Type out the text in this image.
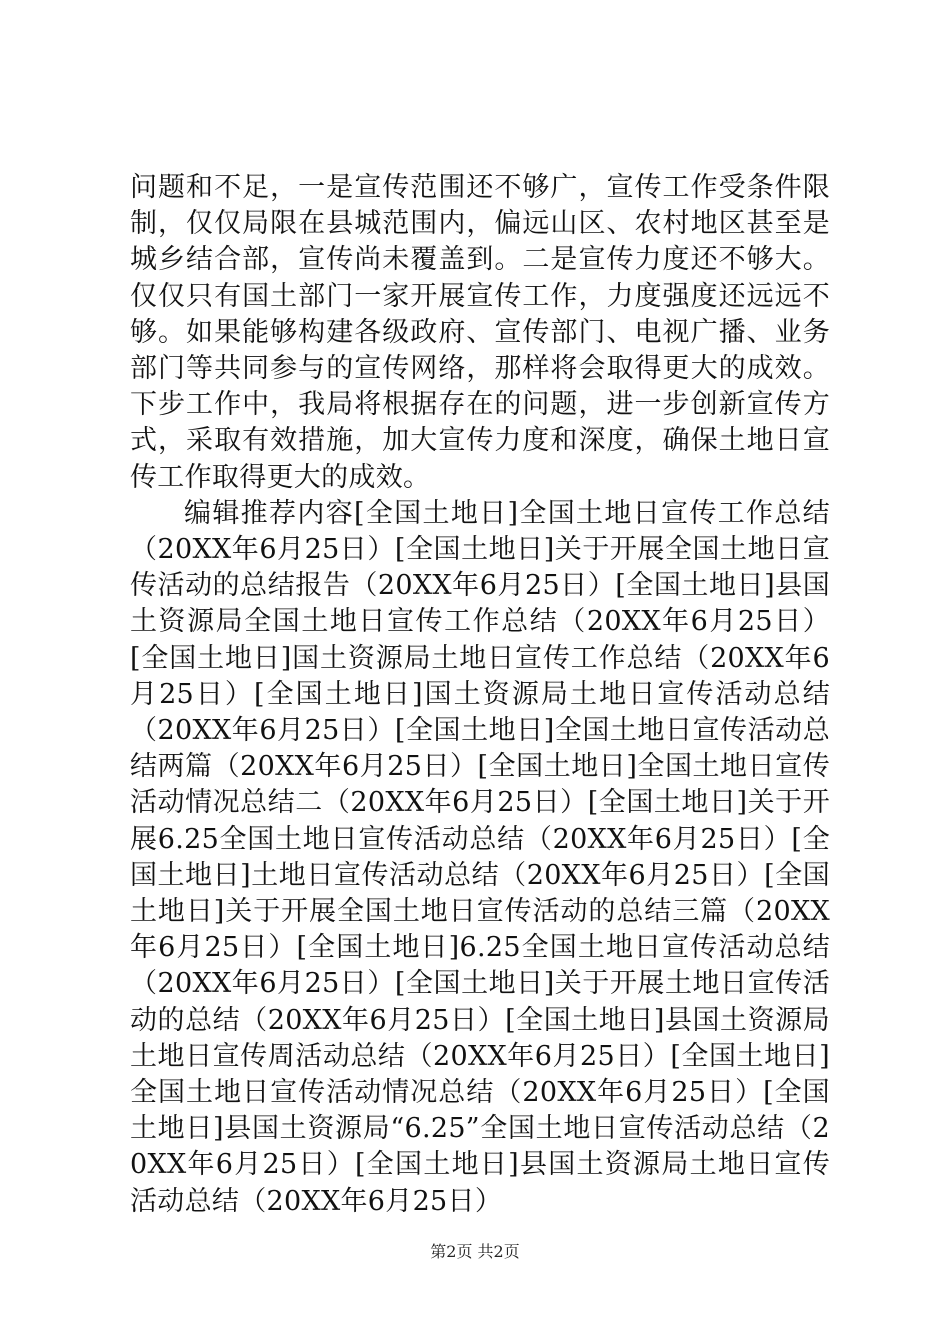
问题和不足，一是宣传范围还不够广，宣传工作受条件限制，仅仅局限在县城范围内，偏远山区、农村地区甚至是城乡结合部，宣传尚未覆盖到。二是宣传力度还不够大。仅仅只有国土部门一家开展宣传工作，力度强度还远远不够。如果能够构建各级政府、宣传部门、电视广播、业务部门等共同参与的宣传网络，那样将会取得更大的成效。下步工作中，我局将根据存在的问题，进一步创新宣传方式，采取有效措施，加大宣传力度和深度，确保土地日宣传工作取得更大的成效。

编辑推荐内容[全国土地日]全国土地日宣传工作总结（20XX年6月25日）[全国土地日]关于开展全国土地日宣传活动的总结报告（20XX年6月25日）[全国土地日]县国土资源局全国土地日宣传工作总结（20XX年6月25日）[全国土地日]国土资源局土地日宣传工作总结（20XX年6月25日）[全国土地日]国土资源局土地日宣传活动总结（20XX年6月25日）[全国土地日]全国土地日宣传活动总结两篇（20XX年6月25日）[全国土地日]全国土地日宣传活动情况总结二（20XX年6月25日）[全国土地日]关于开展6.25全国土地日宣传活动总结（20XX年6月25日）[全国土地日]土地日宣传活动总结（20XX年6月25日）[全国土地日]关于开展全国土地日宣传活动的总结三篇（20XX年6月25日）[全国土地日]6.25全国土地日宣传活动总结（20XX年6月25日）[全国土地日]关于开展土地日宣传活动的总结（20XX年6月25日）[全国土地日]县国土资源局土地日宣传周活动总结（20XX年6月25日）[全国土地日]全国土地日宣传活动情况总结（20XX年6月25日）[全国土地日]县国土资源局“6.25”全国土地日宣传活动总结（20XX年6月25日）[全国土地日]县国土资源局土地日宣传活动总结（20XX年6月25日）

第2页 共2页
